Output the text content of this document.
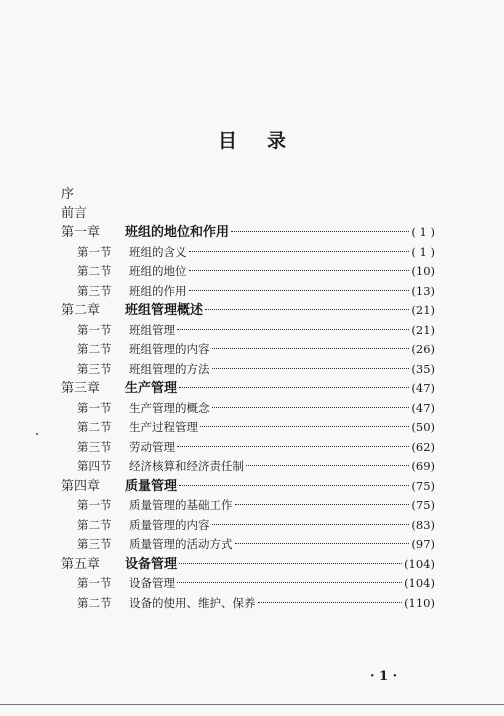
目 录
序
前言
第一章	班组的地位和作用	( 1 )
第一节	班组的含义	( 1 )
第二节	班组的地位	(10)
第三节	班组的作用	(13)
第二章	班组管理概述	(21)
第一节	班组管理	(21)
第二节	班组管理的内容	(26)
第三节	班组管理的方法	(35)
第三章	生产管理	(47)
第一节	生产管理的概念	(47)
第二节	生产过程管理	(50)
第三节	劳动管理	(62)
第四节	经济核算和经济责任制	(69)
第四章	质量管理	(75)
第一节	质量管理的基础工作	(75)
第二节	质量管理的内容	(83)
第三节	质量管理的活动方式	(97)
第五章	设备管理	(104)
第一节	设备管理	(104)
第二节	设备的使用、维护、保养	(110)
· 1 ·
